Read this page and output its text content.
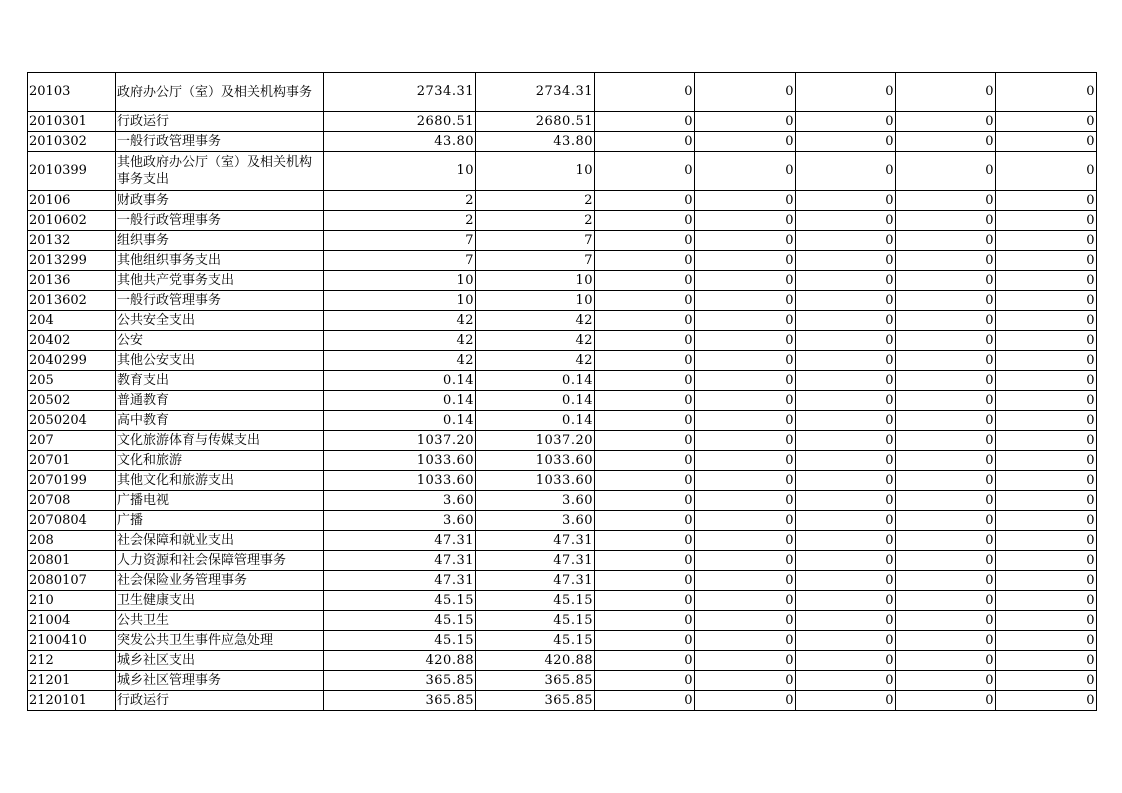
20103	政府办公厅（室）及相关机构事务	2734.31	2734.31	0	0	0	0	0
2010301	行政运行	2680.51	2680.51	0	0	0	0	0
2010302	一般行政管理事务	43.80	43.80	0	0	0	0	0
2010399	其他政府办公厅（室）及相关机构事务支出	10	10	0	0	0	0	0
20106	财政事务	2	2	0	0	0	0	0
2010602	一般行政管理事务	2	2	0	0	0	0	0
20132	组织事务	7	7	0	0	0	0	0
2013299	其他组织事务支出	7	7	0	0	0	0	0
20136	其他共产党事务支出	10	10	0	0	0	0	0
2013602	一般行政管理事务	10	10	0	0	0	0	0
204	公共安全支出	42	42	0	0	0	0	0
20402	公安	42	42	0	0	0	0	0
2040299	其他公安支出	42	42	0	0	0	0	0
205	教育支出	0.14	0.14	0	0	0	0	0
20502	普通教育	0.14	0.14	0	0	0	0	0
2050204	高中教育	0.14	0.14	0	0	0	0	0
207	文化旅游体育与传媒支出	1037.20	1037.20	0	0	0	0	0
20701	文化和旅游	1033.60	1033.60	0	0	0	0	0
2070199	其他文化和旅游支出	1033.60	1033.60	0	0	0	0	0
20708	广播电视	3.60	3.60	0	0	0	0	0
2070804	广播	3.60	3.60	0	0	0	0	0
208	社会保障和就业支出	47.31	47.31	0	0	0	0	0
20801	人力资源和社会保障管理事务	47.31	47.31	0	0	0	0	0
2080107	社会保险业务管理事务	47.31	47.31	0	0	0	0	0
210	卫生健康支出	45.15	45.15	0	0	0	0	0
21004	公共卫生	45.15	45.15	0	0	0	0	0
2100410	突发公共卫生事件应急处理	45.15	45.15	0	0	0	0	0
212	城乡社区支出	420.88	420.88	0	0	0	0	0
21201	城乡社区管理事务	365.85	365.85	0	0	0	0	0
2120101	行政运行	365.85	365.85	0	0	0	0	0
